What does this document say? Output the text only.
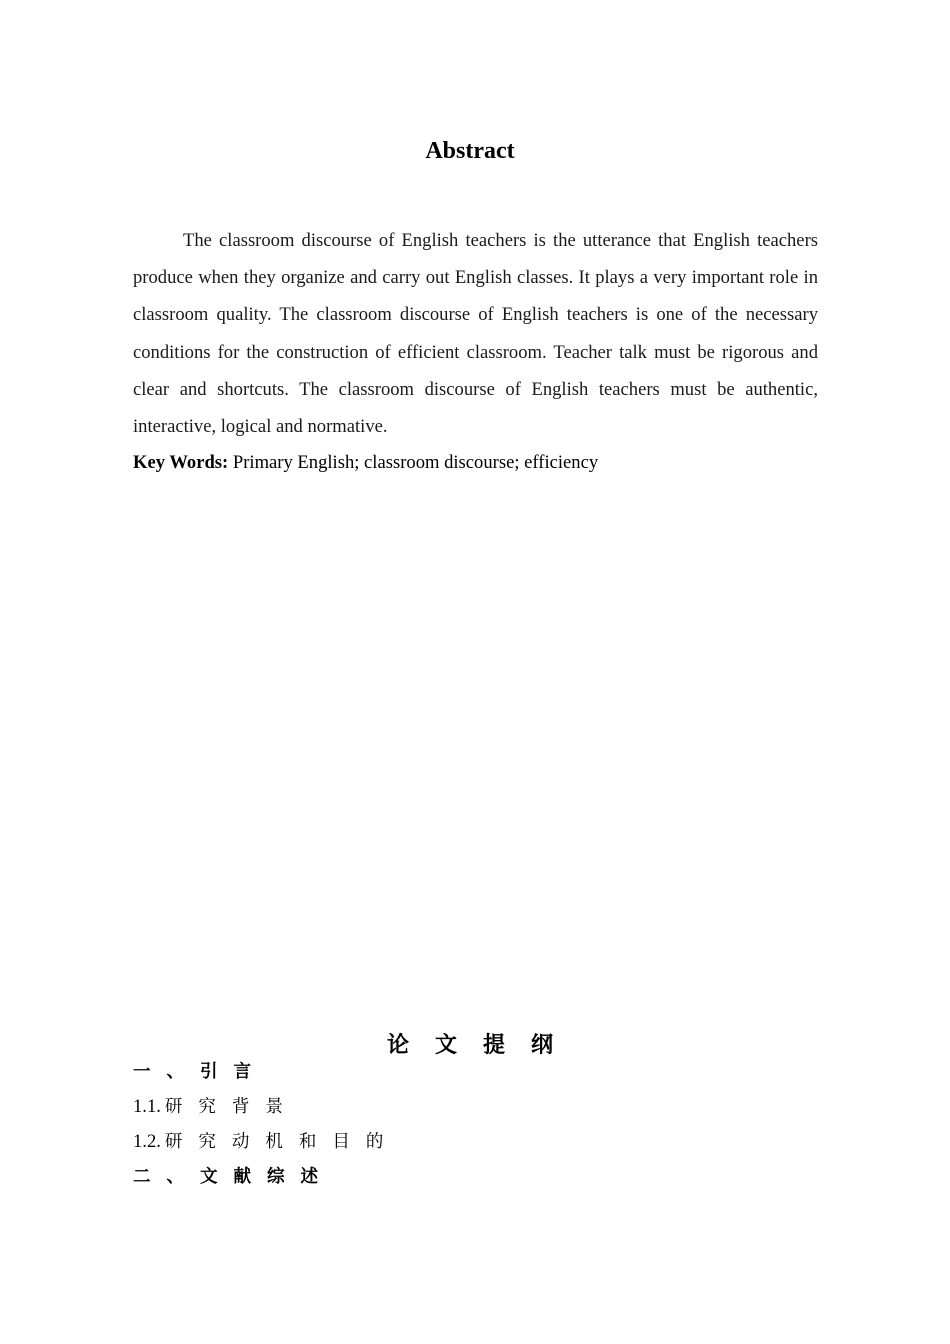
Abstract

The classroom discourse of English teachers is the utterance that English teachers produce when they organize and carry out English classes. It plays a very important role in classroom quality. The classroom discourse of English teachers is one of the necessary conditions for the construction of efficient classroom. Teacher talk must be rigorous and clear and shortcuts. The classroom discourse of English teachers must be authentic, interactive, logical and normative.

Key Words: Primary English; classroom discourse; efficiency

论文提纲

一、引言

1.1. 研究背景

1.2. 研究动机和目的

二、文献综述
